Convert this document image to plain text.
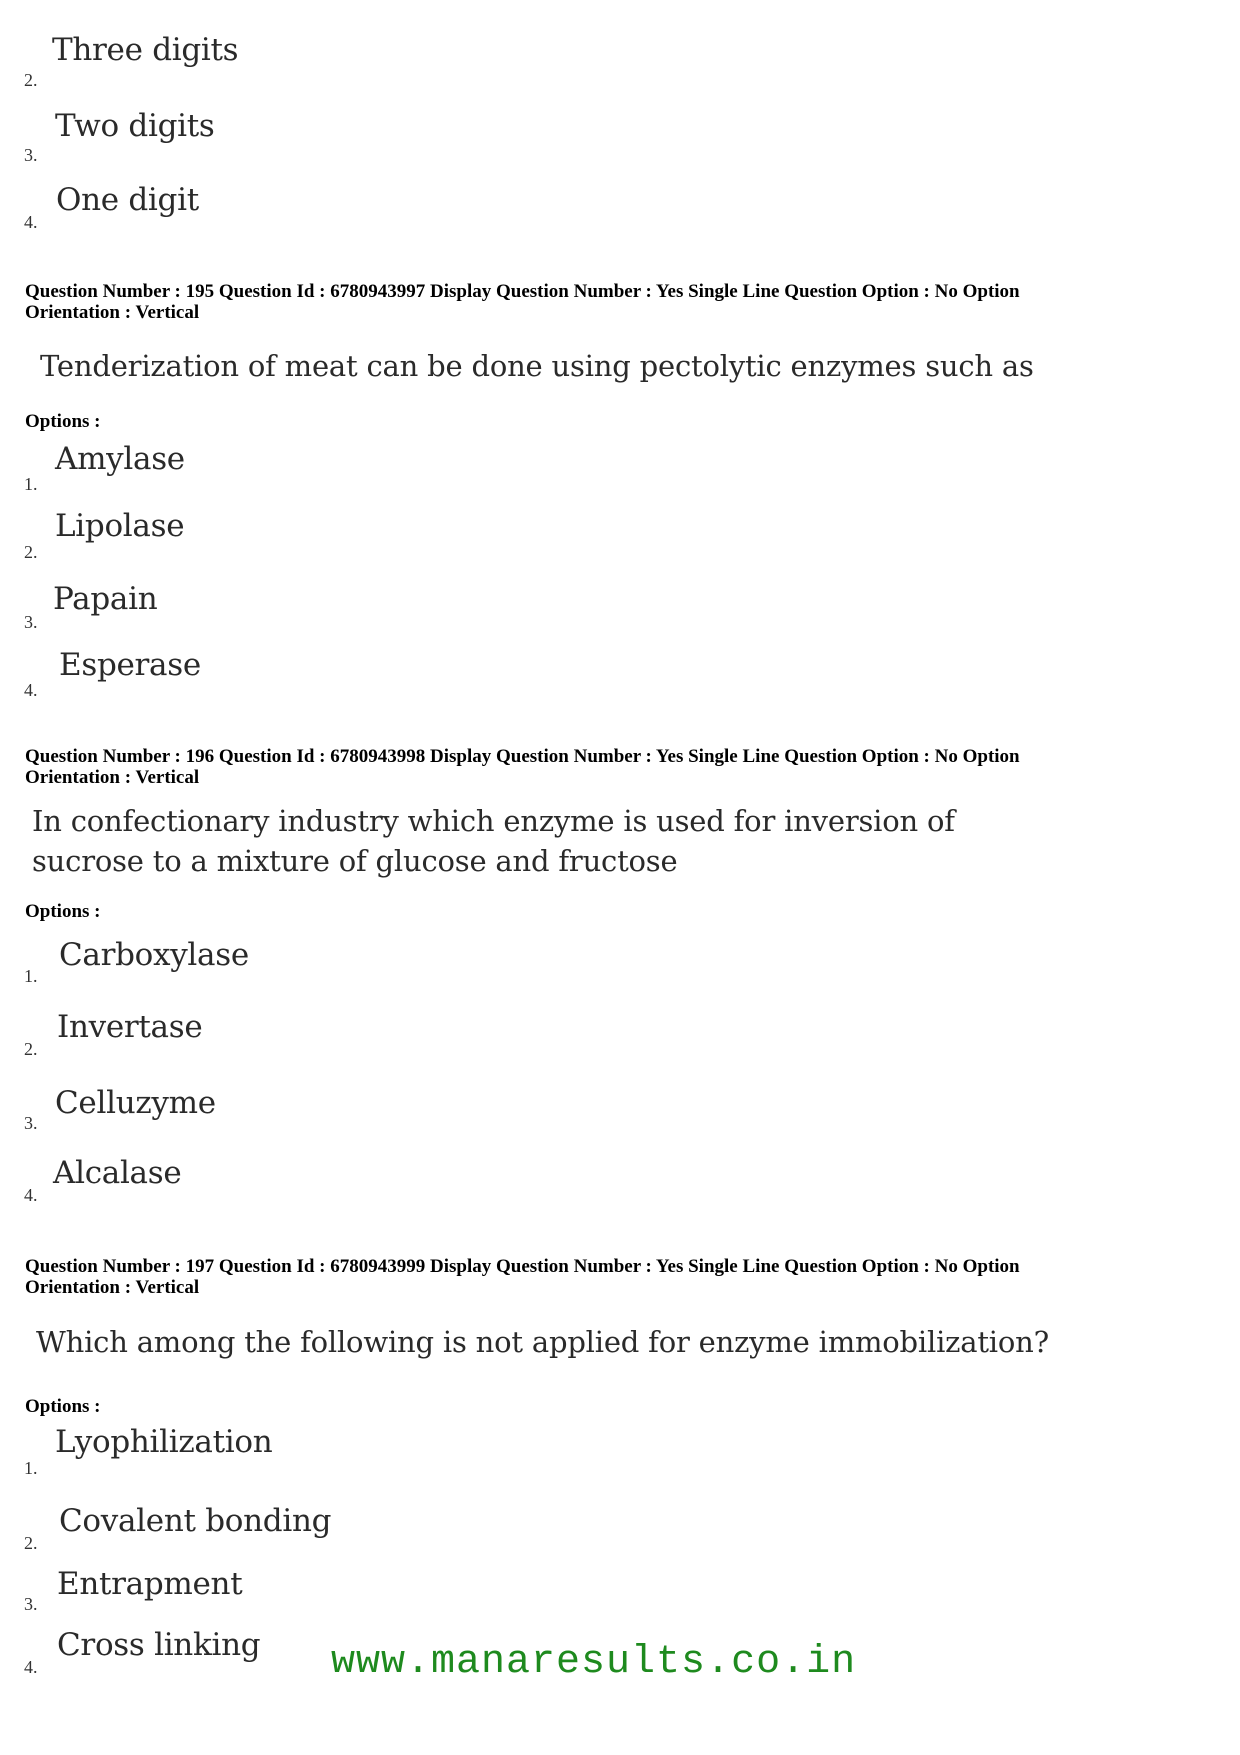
Three digits
2.
Two digits
3.
One digit
4.
Question Number : 195 Question Id : 6780943997 Display Question Number : Yes Single Line Question Option : No Option
Orientation : Vertical
Tenderization of meat can be done using pectolytic enzymes such as
Options :
Amylase
1.
Lipolase
2.
Papain
3.
Esperase
4.
Question Number : 196 Question Id : 6780943998 Display Question Number : Yes Single Line Question Option : No Option
Orientation : Vertical
In confectionary industry which enzyme is used for inversion of
sucrose to a mixture of glucose and fructose
Options :
Carboxylase
1.
Invertase
2.
Celluzyme
3.
Alcalase
4.
Question Number : 197 Question Id : 6780943999 Display Question Number : Yes Single Line Question Option : No Option
Orientation : Vertical
Which among the following is not applied for enzyme immobilization?
Options :
Lyophilization
1.
Covalent bonding
2.
Entrapment
3.
Cross linking
4.	www.manaresults.co.in
